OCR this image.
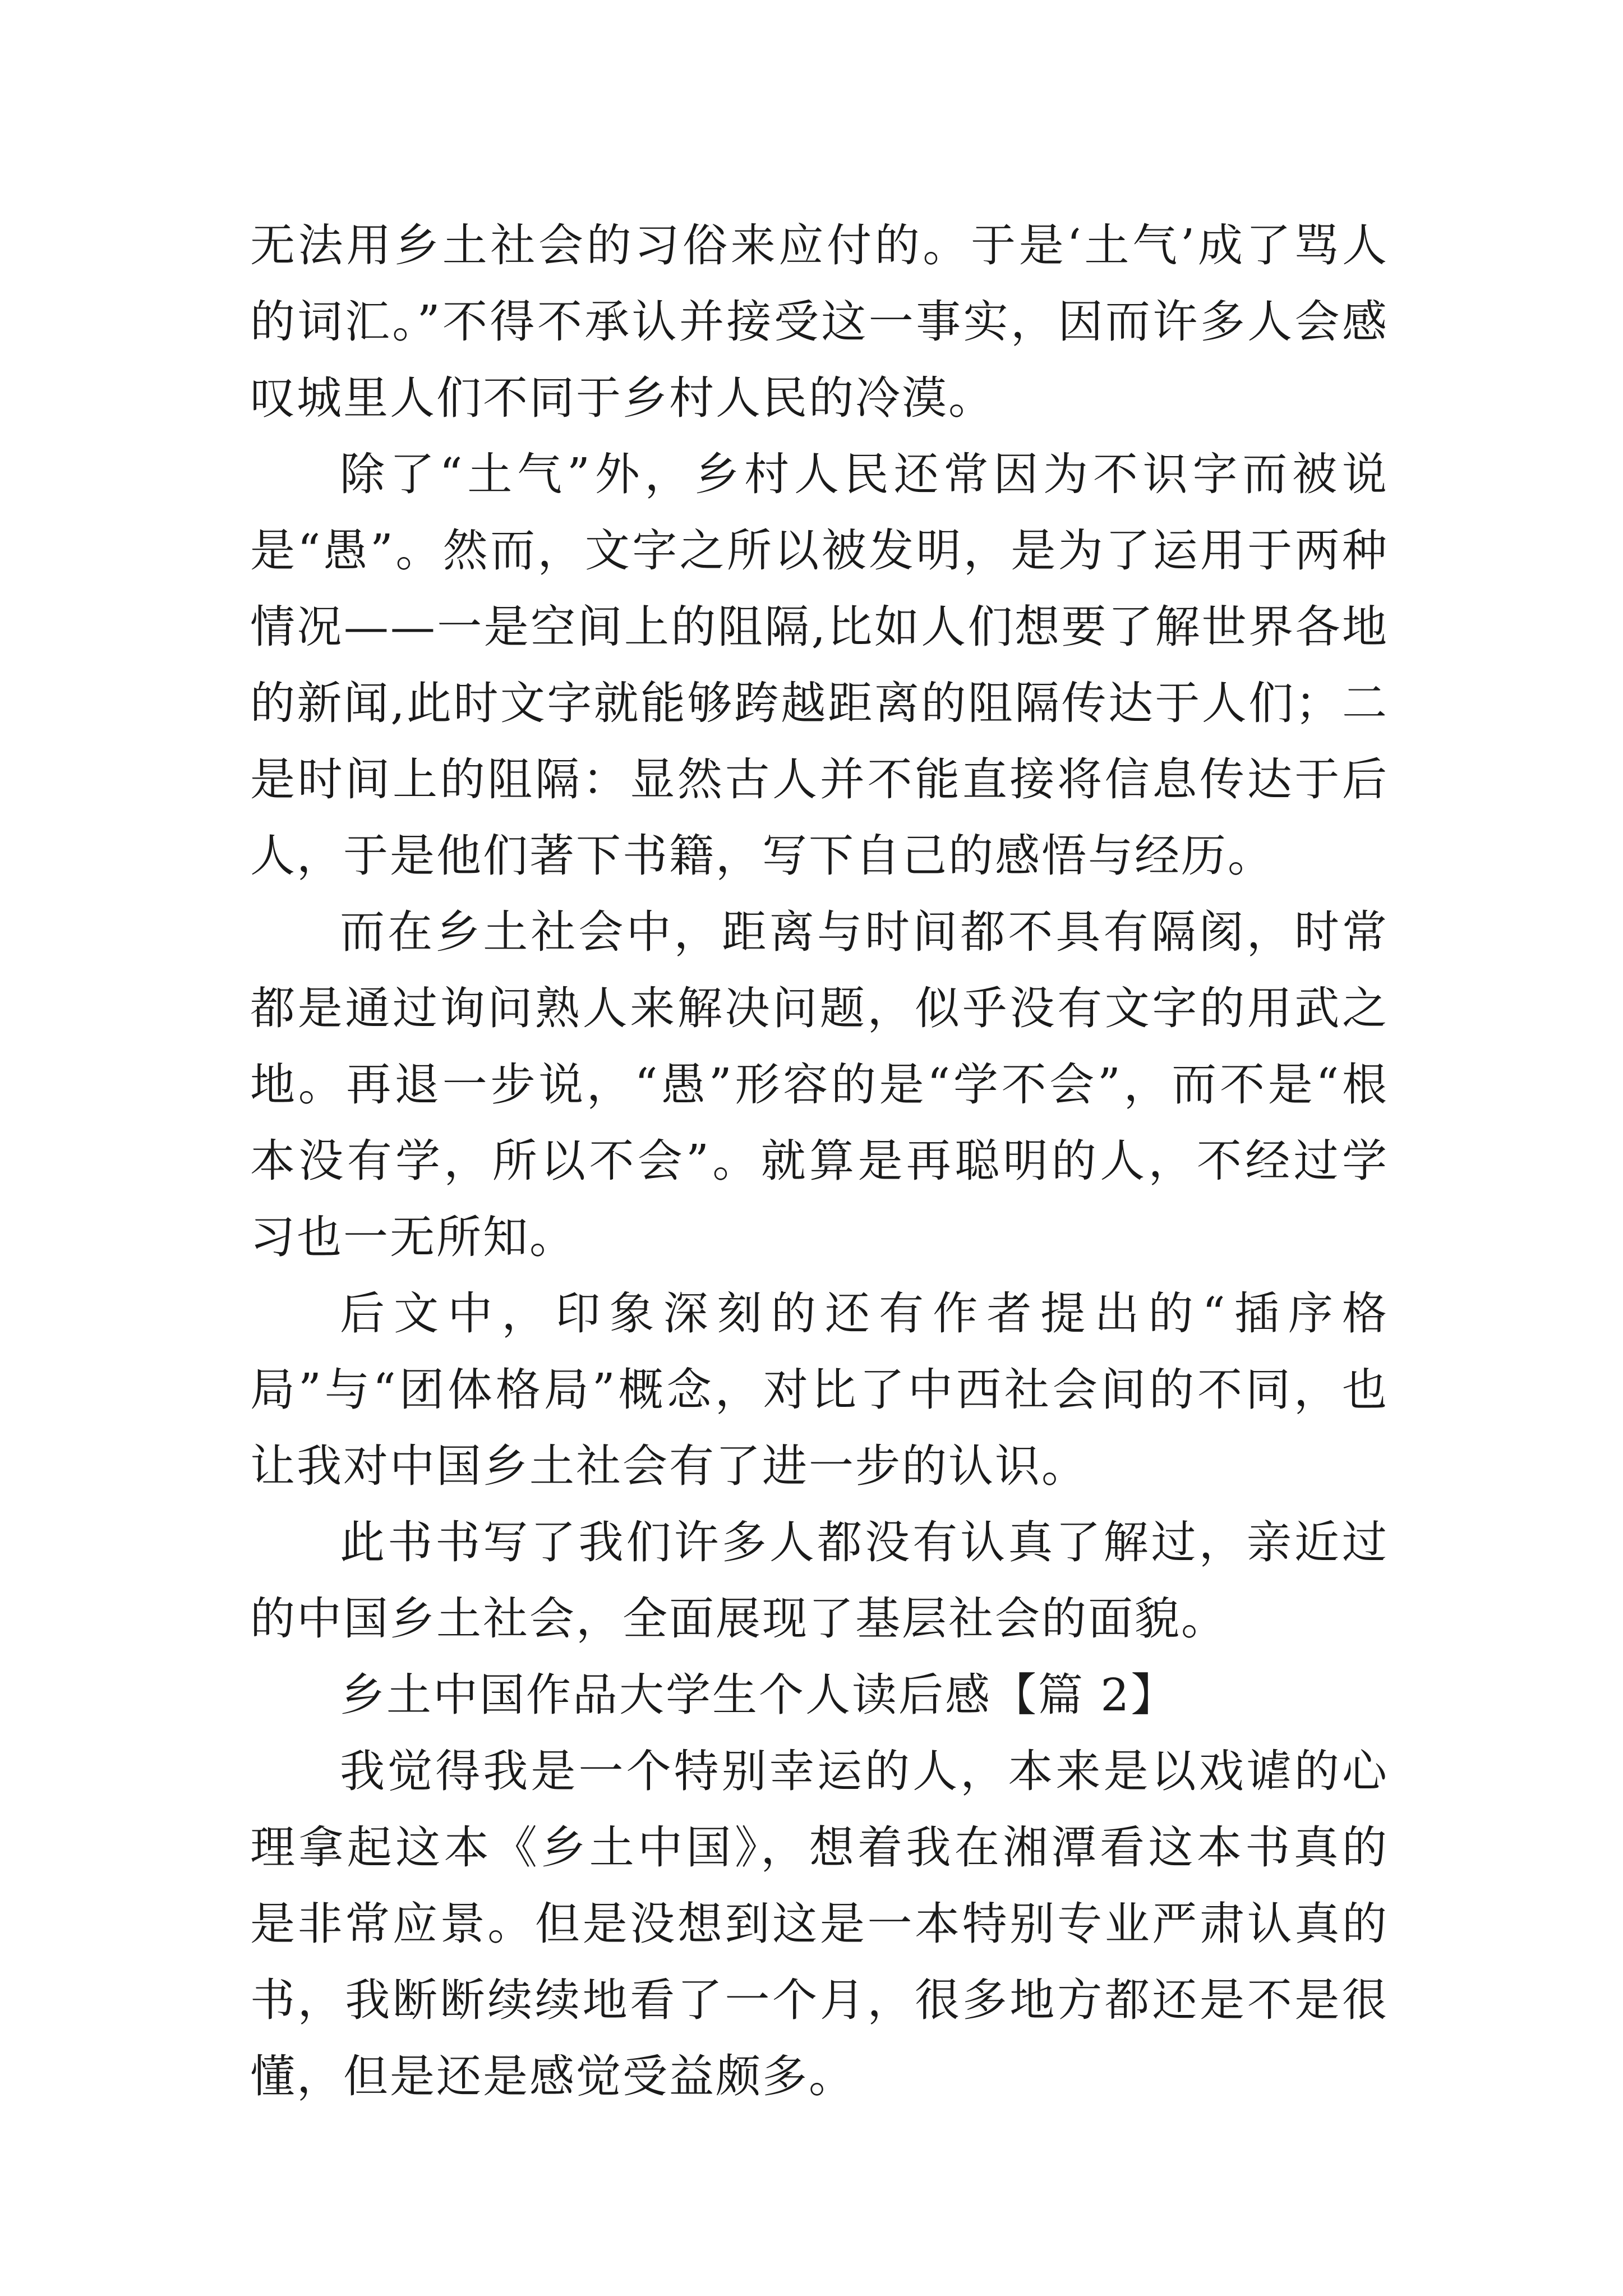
无法用乡土社会的习俗来应付的。于是‘土气’成了骂人的词汇。”不得不承认并接受这一事实，因而许多人会感叹城里人们不同于乡村人民的冷漠。

除了“土气”外，乡村人民还常因为不识字而被说是“愚”。然而，文字之所以被发明，是为了运用于两种情况——一是空间上的阻隔,比如人们想要了解世界各地的新闻,此时文字就能够跨越距离的阻隔传达于人们；二是时间上的阻隔：显然古人并不能直接将信息传达于后人，于是他们著下书籍，写下自己的感悟与经历。

而在乡土社会中，距离与时间都不具有隔阂，时常都是通过询问熟人来解决问题，似乎没有文字的用武之地。再退一步说，“愚”形容的是“学不会”，而不是“根本没有学，所以不会”。就算是再聪明的人，不经过学习也一无所知。

后文中，印象深刻的还有作者提出的“插序格局”与“团体格局”概念，对比了中西社会间的不同，也让我对中国乡土社会有了进一步的认识。

此书书写了我们许多人都没有认真了解过，亲近过的中国乡土社会，全面展现了基层社会的面貌。

乡土中国作品大学生个人读后感【篇 2】

我觉得我是一个特别幸运的人，本来是以戏谑的心理拿起这本《乡土中国》，想着我在湘潭看这本书真的是非常应景。但是没想到这是一本特别专业严肃认真的书，我断断续续地看了一个月，很多地方都还是不是很懂，但是还是感觉受益颇多。
